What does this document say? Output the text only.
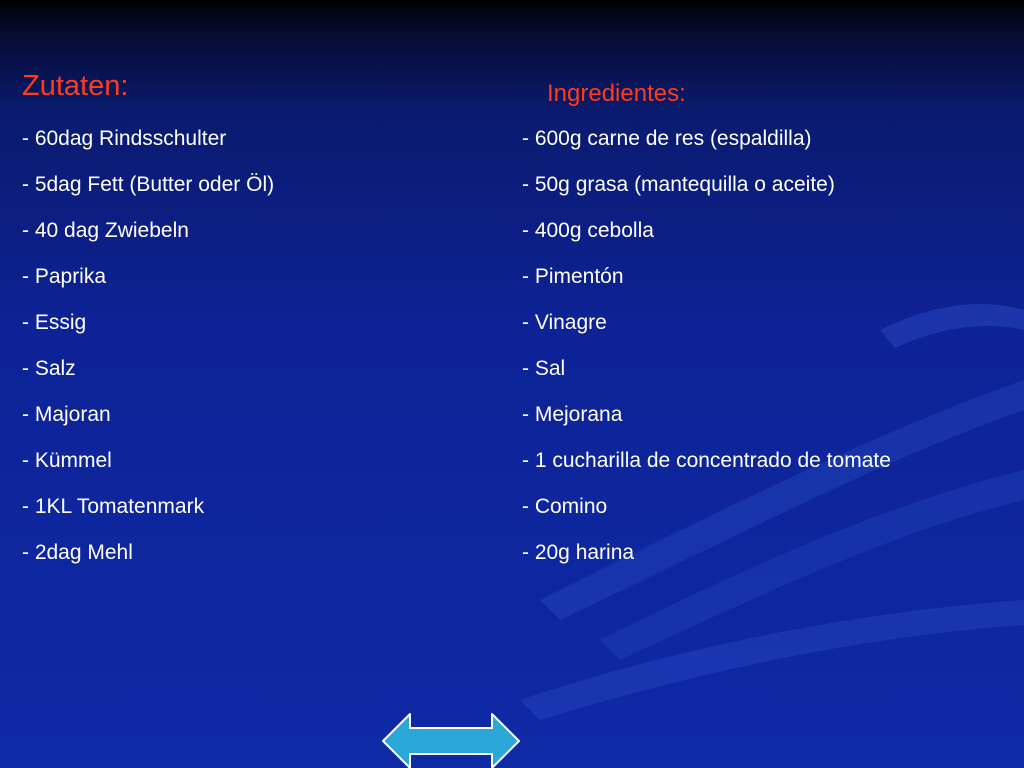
Zutaten:	Ingredientes:
- 60dag Rindsschulter
- 5dag Fett (Butter oder Öl)
- 40 dag Zwiebeln
- Paprika
- Essig
- Salz
- Majoran
- Kümmel
- 1KL Tomatenmark
- 2dag Mehl
- 600g carne de res (espaldilla)
- 50g grasa (mantequilla o aceite)
- 400g cebolla
- Pimentón
- Vinagre
- Sal
- Mejorana
- 1 cucharilla de concentrado de tomate
- Comino
- 20g harina
